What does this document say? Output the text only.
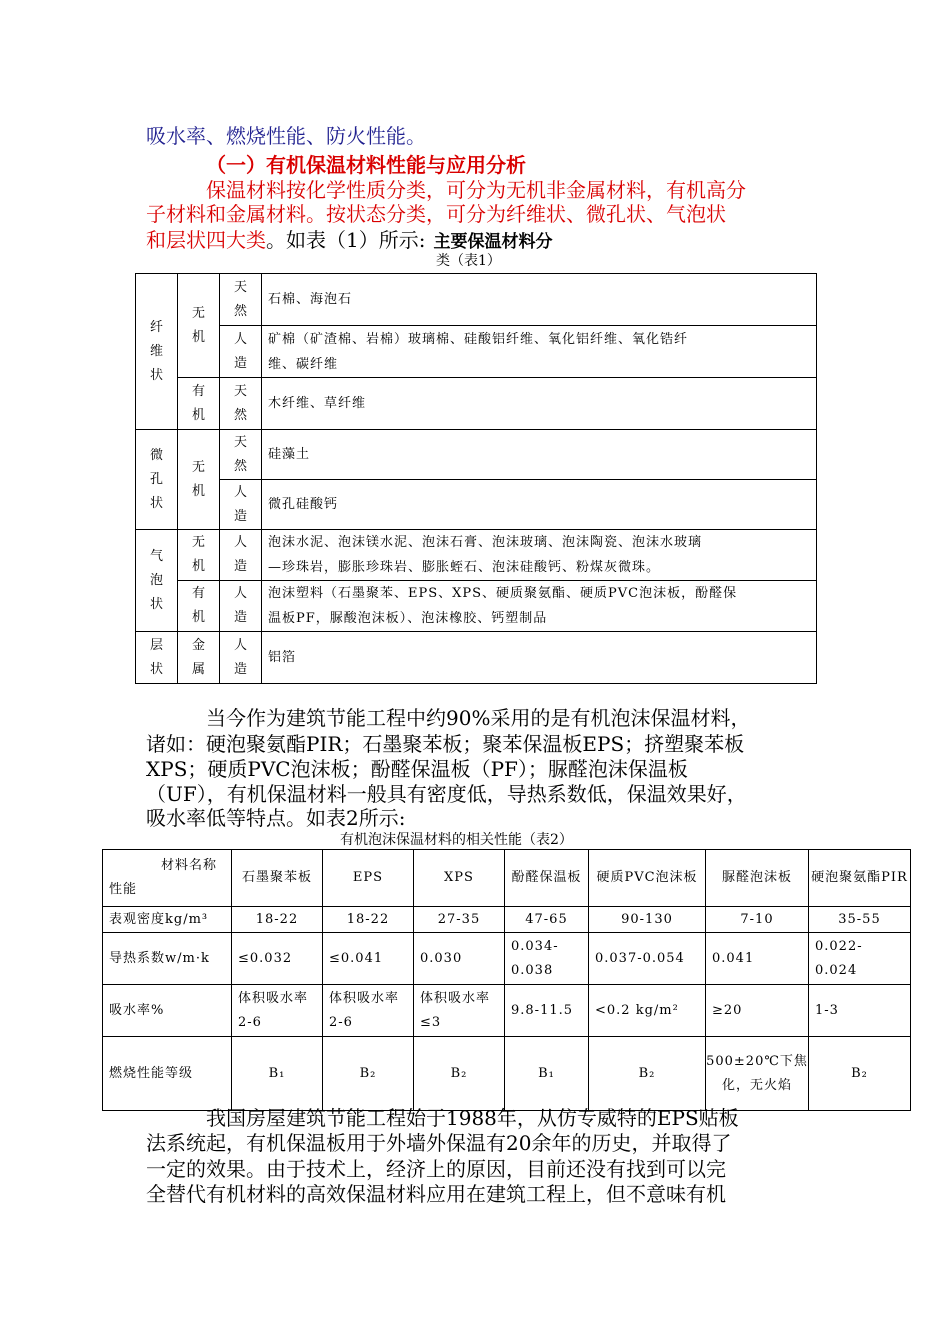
吸水率、燃烧性能、防火性能。
（一）有机保温材料性能与应用分析
保温材料按化学性质分类，可分为无机非金属材料，有机高分
子材料和金属材料。按状态分类，可分为纤维状、微孔状、气泡状
和层状四大类。如表（1）所示: 主要保温材料分
类（表1）
纤维状	无机	天然	石棉、海泡石
		人造	矿棉（矿渣棉、岩棉）玻璃棉、硅酸铝纤维、氧化铝纤维、氧化锆纤
维、碳纤维

	有机	天然	木纤维、草纤维
微孔状	无机	天然	硅藻土
		人造	微孔硅酸钙
气泡状	无机	人造	泡沫水泥、泡沫镁水泥、泡沫石膏、泡沫玻璃、泡沫陶瓷、泡沫水玻璃
—珍珠岩，膨胀珍珠岩、膨胀蛭石、泡沫硅酸钙、粉煤灰微珠。

	有机	人造	泡沫塑料（石墨聚苯、EPS、XPS、硬质聚氨酯、硬质PVC泡沫板，酚醛保
温板PF，脲酸泡沫板）、泡沫橡胶、钙塑制品

层状	金属	人造	铝箔
当今作为建筑节能工程中约90%采用的是有机泡沫保温材料，
诸如：硬泡聚氨酯PIR；石墨聚苯板；聚苯保温板EPS；挤塑聚苯板
XPS；硬质PVC泡沫板；酚醛保温板（PF）；脲醛泡沫保温板
（UF），有机保温材料一般具有密度低，导热系数低，保温效果好，
吸水率低等特点。如表2所示:
有机泡沫保温材料的相关性能（表2）
材料名称
性能	石墨聚苯板	EPS	XPS	酚醛保温板	硬质PVC泡沫板	脲醛泡沫板	硬泡聚氨酯PIR
表观密度kg/m³	18-22	18-22	27-35	47-65	90-130	7-10	35-55
导热系数w/m·k	≤0.032	≤0.041	0.030	0.034-0.038	0.037-0.054	0.041	0.022-0.024
吸水率%	体积吸水率2-6	体积吸水率2-6	体积吸水率≤3	9.8-11.5	<0.2 kg/m²	≥20	1-3
燃烧性能等级	B₁	B₂	B₂	B₁	B₂	500±20℃下焦化，无火焰	B₂
我国房屋建筑节能工程始于1988年，从仿专威特的EPS贴板
法系统起，有机保温板用于外墙外保温有20余年的历史，并取得了
一定的效果。由于技术上，经济上的原因，目前还没有找到可以完
全替代有机材料的高效保温材料应用在建筑工程上，但不意味有机
